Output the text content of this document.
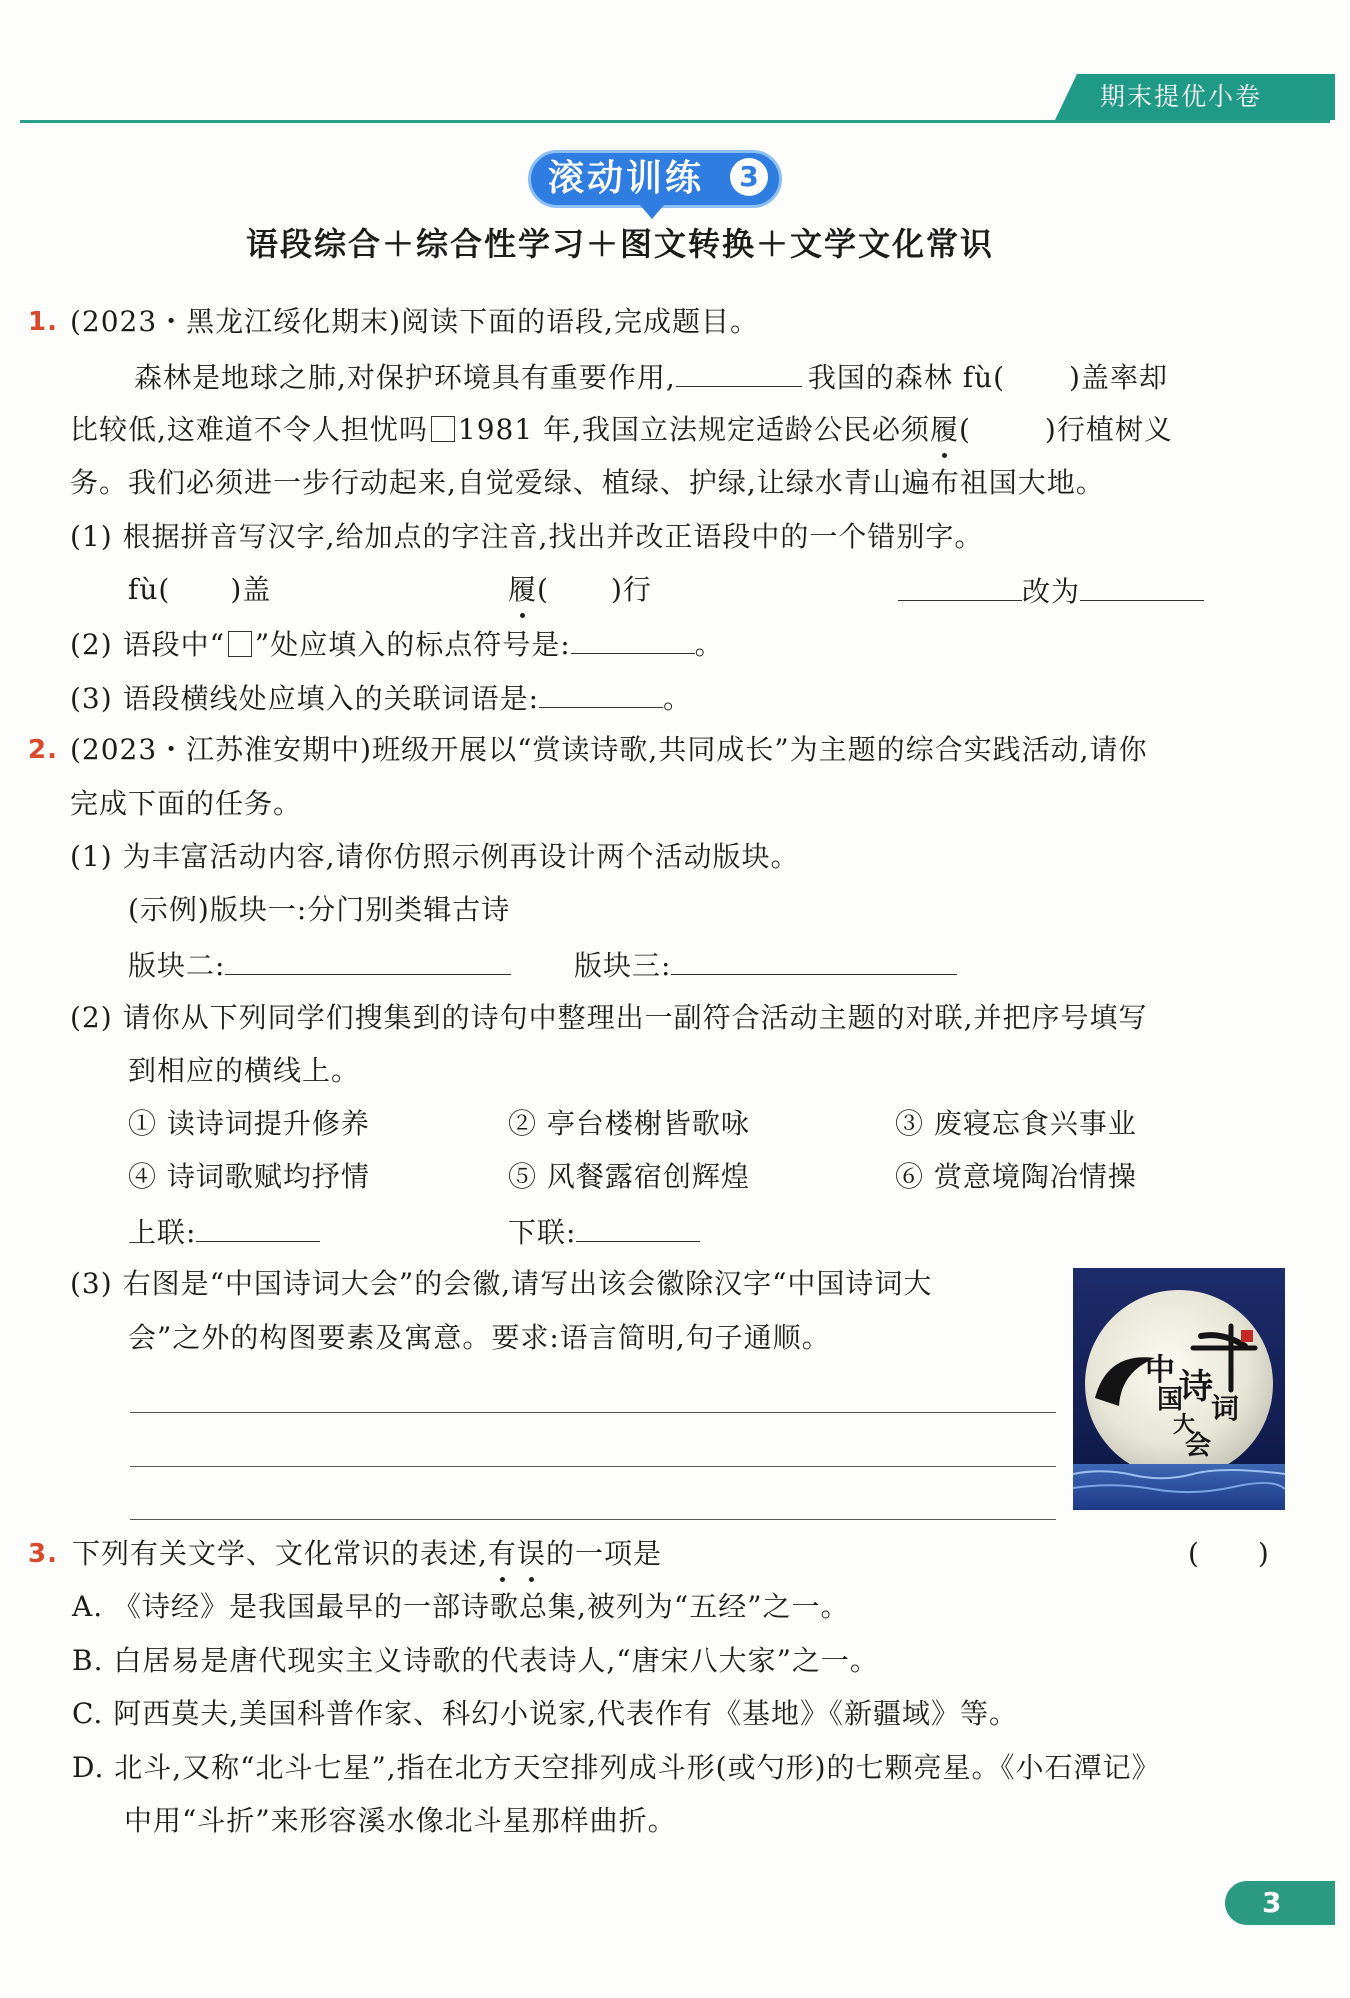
期末提优小卷
滚动训练	3
语段综合＋综合性学习＋图文转换＋文学文化常识
1. (2023・黑龙江绥化期末)阅读下面的语段,完成题目。
森林是地球之肺,对保护环境具有重要作用,	我国的森林 fù( )盖率却
比较低,这难道不令人担忧吗 1981 年,我国立法规定适龄公民必须履(	)行植树义
务。我们必须进一步行动起来,自觉爱绿、植绿、护绿,让绿水青山遍布祖国大地。
(1) 根据拼音写汉字,给加点的字注音,找出并改正语段中的一个错别字。
fù( )盖	履( )行	改为
(2) 语段中“ ”处应填入的标点符号是:	。
(3) 语段横线处应填入的关联词语是:	。
2. (2023・江苏淮安期中)班级开展以“赏读诗歌,共同成长”为主题的综合实践活动,请你
完成下面的任务。
(1) 为丰富活动内容,请你仿照示例再设计两个活动版块。
(示例)版块一:分门别类辑古诗
版块二:	版块三:
(2) 请你从下列同学们搜集到的诗句中整理出一副符合活动主题的对联,并把序号填写
到相应的横线上。
① 读诗词提升修养	② 亭台楼榭皆歌咏	③ 废寝忘食兴事业
④ 诗词歌赋均抒情	⑤ 风餐露宿创辉煌	⑥ 赏意境陶冶情操
上联:	下联:
(3) 右图是“中国诗词大会”的会徽,请写出该会徽除汉字“中国诗词大
会”之外的构图要素及寓意。要求:语言简明,句子通顺。
中
国
诗
词
大
会
3. 下列有关文学、文化常识的表述,有误的一项是	(　　)
A. 《诗经》是我国最早的一部诗歌总集,被列为“五经”之一。
B. 白居易是唐代现实主义诗歌的代表诗人,“唐宋八大家”之一。
C. 阿西莫夫,美国科普作家、科幻小说家,代表作有《基地》《新疆域》等。
D. 北斗,又称“北斗七星”,指在北方天空排列成斗形(或勺形)的七颗亮星。《小石潭记》
中用“斗折”来形容溪水像北斗星那样曲折。
3
